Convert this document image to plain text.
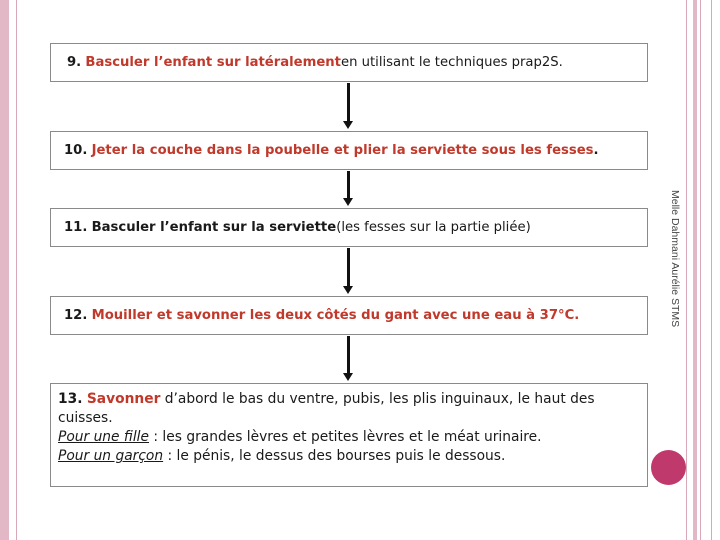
Melle Dahmani Aurélie STMS
9.
Basculer l’enfant sur latéralement en utilisant le techniques prap2S.
10.
Jeter la couche dans la poubelle et plier la serviette sous les fesses .
11.
Basculer l’enfant sur la serviette (les fesses sur la partie pliée)
12.
Mouiller et savonner les deux côtés du gant avec une eau à 37°C.
13. Savonner d’abord le bas du ventre, pubis, les plis inguinaux, le haut des cuisses.
Pour une fille : les grandes lèvres et petites lèvres et le méat urinaire.
Pour un garçon : le pénis, le dessus des bourses puis le dessous.
